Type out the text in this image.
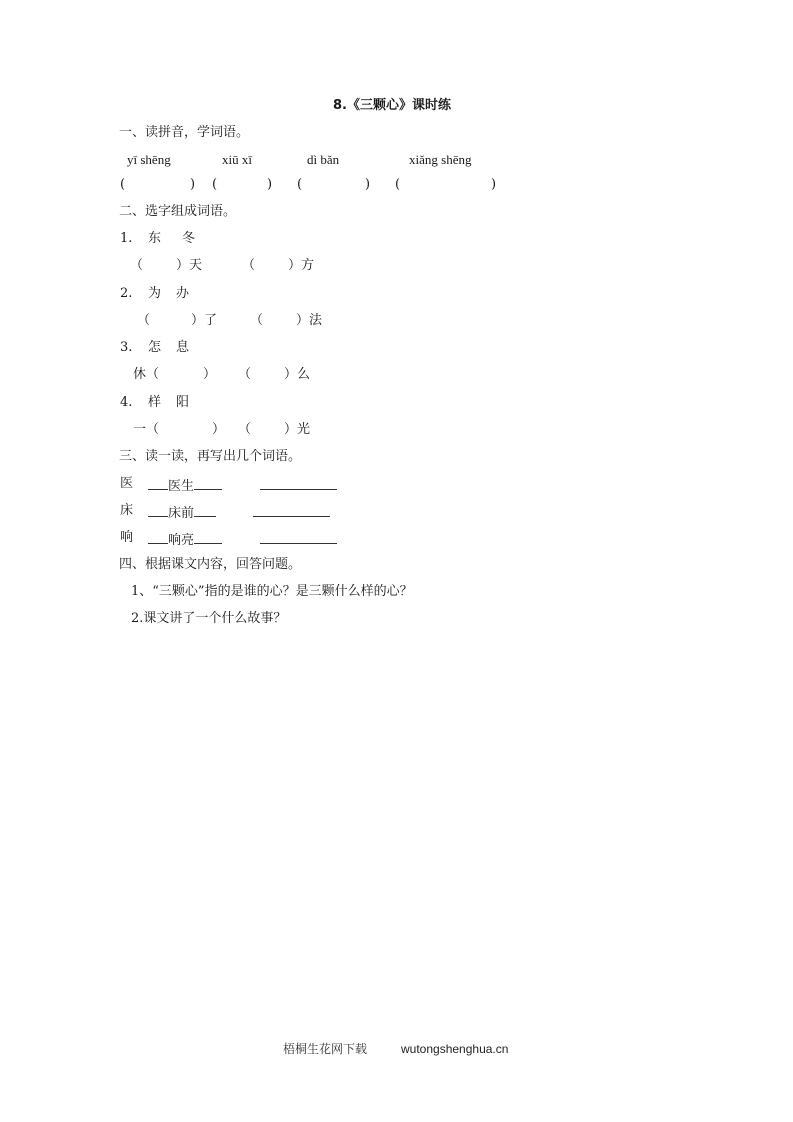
8.《三颗心》课时练
一、读拼音，学词语。
yī shēng	xiū xī	dì bǎn	xiǎng shēng
(	) (	) (	) (	)
二、选字组成词语。
1. 东 冬
（	）天	（	）方
2. 为 办
（	）了	（	）法
3. 怎 息
休（	） （	）么
4. 样 阳
一（	） （	）光
三、读一读，再写出几个词语。
医	医生
床	床前
响	响亮
四、根据课文内容，回答问题。
1、“三颗心”指的是谁的心？是三颗什么样的心？
2.课文讲了一个什么故事？
梧桐生花网下载	wutongshenghua.cn
